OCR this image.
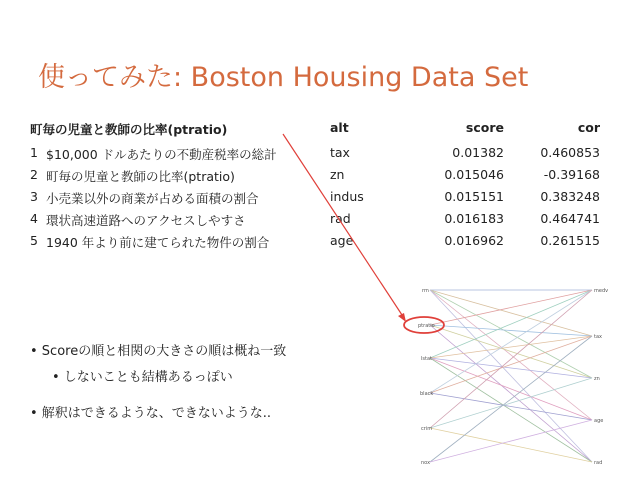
使ってみた: Boston Housing Data Set
町毎の児童と教師の比率(ptratio)	alt	score	cor
1 $10,000 ドルあたりの不動産税率の総計	tax	0.01382	0.460853
2 町毎の児童と教師の比率(ptratio)	zn	0.015046	-0.39168
3 小売業以外の商業が占める面積の割合	indus	0.015151	0.383248
4 環状高速道路へのアクセスしやすさ	rad	0.016183	0.464741
5 1940 年より前に建てられた物件の割合	age	0.016962	0.261515
• Scoreの順と相関の大きさの順は概ね一致
• しないことも結構あるっぽい
• 解釈はできるような、できないような..
rm
ptratio
lstat
black
crim
nox
medv
tax
zn
age
rad
